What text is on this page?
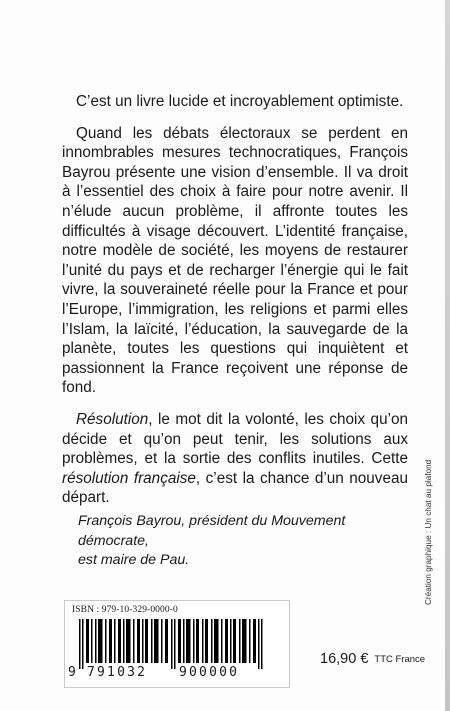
C’est un livre lucide et incroyablement optimiste.

Quand les débats électoraux se perdent en innombrables mesures technocratiques, François Bayrou présente une vision d’ensemble. Il va droit à l’essentiel des choix à faire pour notre avenir. Il n’élude aucun problème, il affronte toutes les difficultés à visage découvert. L’identité française, notre modèle de société, les moyens de restaurer l’unité du pays et de recharger l’énergie qui le fait vivre, la souveraineté réelle pour la France et pour l’Europe, l’immigration, les religions et parmi elles l’Islam, la laïcité, l’éducation, la sauvegarde de la planète, toutes les questions qui inquiètent et passionnent la France reçoivent une réponse de fond.

Résolution, le mot dit la volonté, les choix qu’on décide et qu’on peut tenir, les solutions aux problèmes, et la sortie des conflits inutiles. Cette résolution française, c’est la chance d’un nouveau départ.

François Bayrou, président du Mouvement démocrate,
est maire de Pau.	Création graphique : Un chat au plafond
ISBN : 979-10-329-0000-0
9 791032 900000
16,90 € TTC France
